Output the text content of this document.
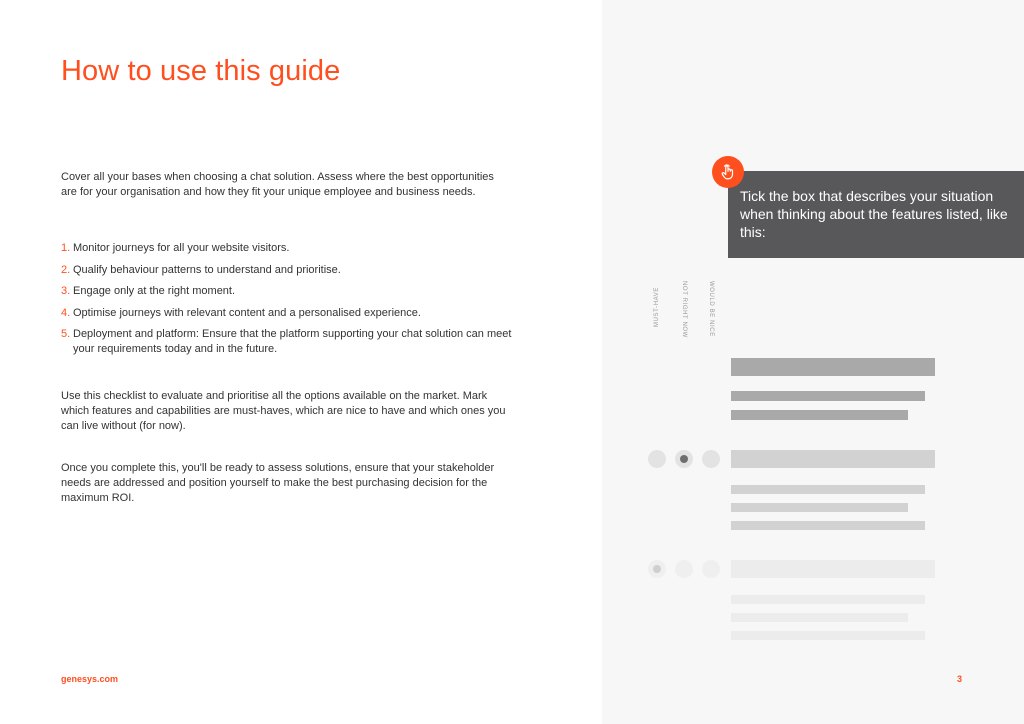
How to use this guide

Cover all your bases when choosing a chat solution. Assess where the best opportunities are for your organisation and how they fit your unique employee and business needs.

1. Monitor journeys for all your website visitors.
2. Qualify behaviour patterns to understand and prioritise.
3. Engage only at the right moment.
4. Optimise journeys with relevant content and a personalised experience.
5. Deployment and platform: Ensure that the platform supporting your chat solution can meet your requirements today and in the future.

Use this checklist to evaluate and prioritise all the options available on the market. Mark which features and capabilities are must-haves, which are nice to have and which ones you can live without (for now).

Once you complete this, you'll be ready to assess solutions, ensure that your stakeholder needs are addressed and position yourself to make the best purchasing decision for the maximum ROI.

genesys.com

Tick the box that describes your situation when thinking about the features listed, like this:

MUST-HAVE	NOT RIGHT NOW	WOULD BE NICE
3
